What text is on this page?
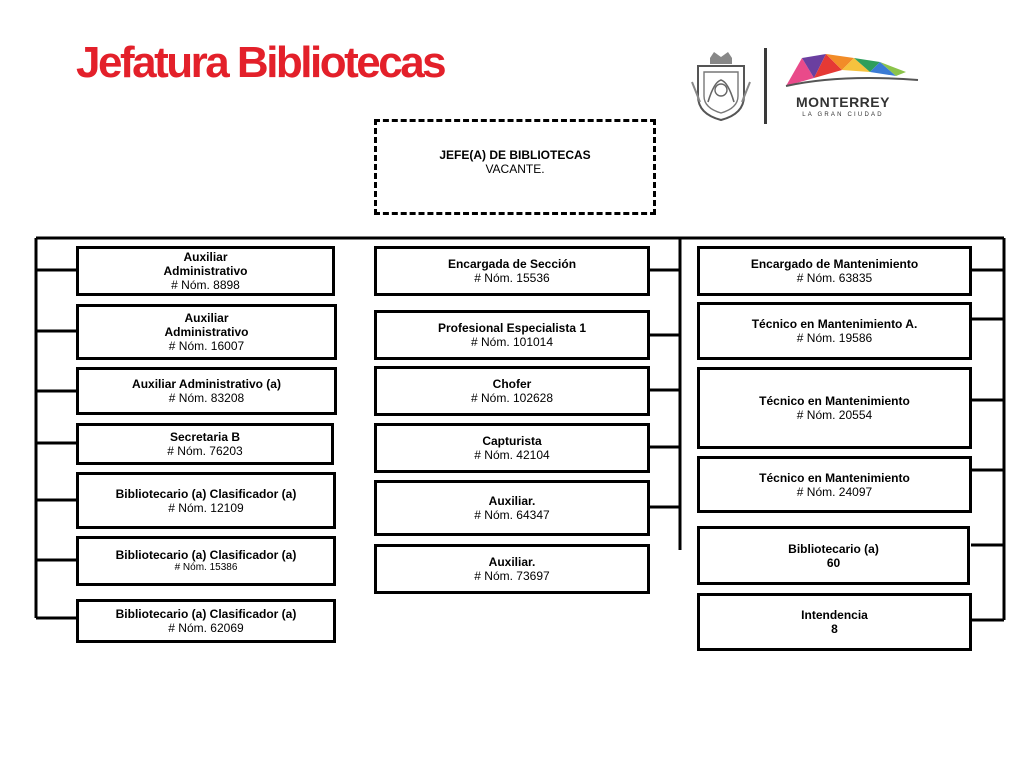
Jefatura Bibliotecas
MONTERREY
LA GRAN CIUDAD
JEFE(A) DE BIBLIOTECAS
VACANTE.
Auxiliar
Administrativo
# Nóm. 8898
Auxiliar
Administrativo
# Nóm. 16007
Auxiliar Administrativo (a)
# Nóm. 83208
Secretaria B
# Nóm. 76203
Bibliotecario (a) Clasificador (a)
# Nóm. 12109
Bibliotecario (a) Clasificador (a)
# Nóm. 15386
Bibliotecario (a) Clasificador (a)
# Nóm. 62069
Encargada de Sección
# Nóm. 15536
Profesional Especialista 1
# Nóm. 101014
Chofer
# Nóm. 102628
Capturista
# Nóm. 42104
Auxiliar.
# Nóm. 64347
Auxiliar.
# Nóm. 73697
Encargado de Mantenimiento
# Nóm. 63835
Técnico en Mantenimiento A.
# Nóm. 19586
Técnico en Mantenimiento
# Nóm. 20554
Técnico en Mantenimiento
# Nóm. 24097
Bibliotecario (a)
60
Intendencia
8
